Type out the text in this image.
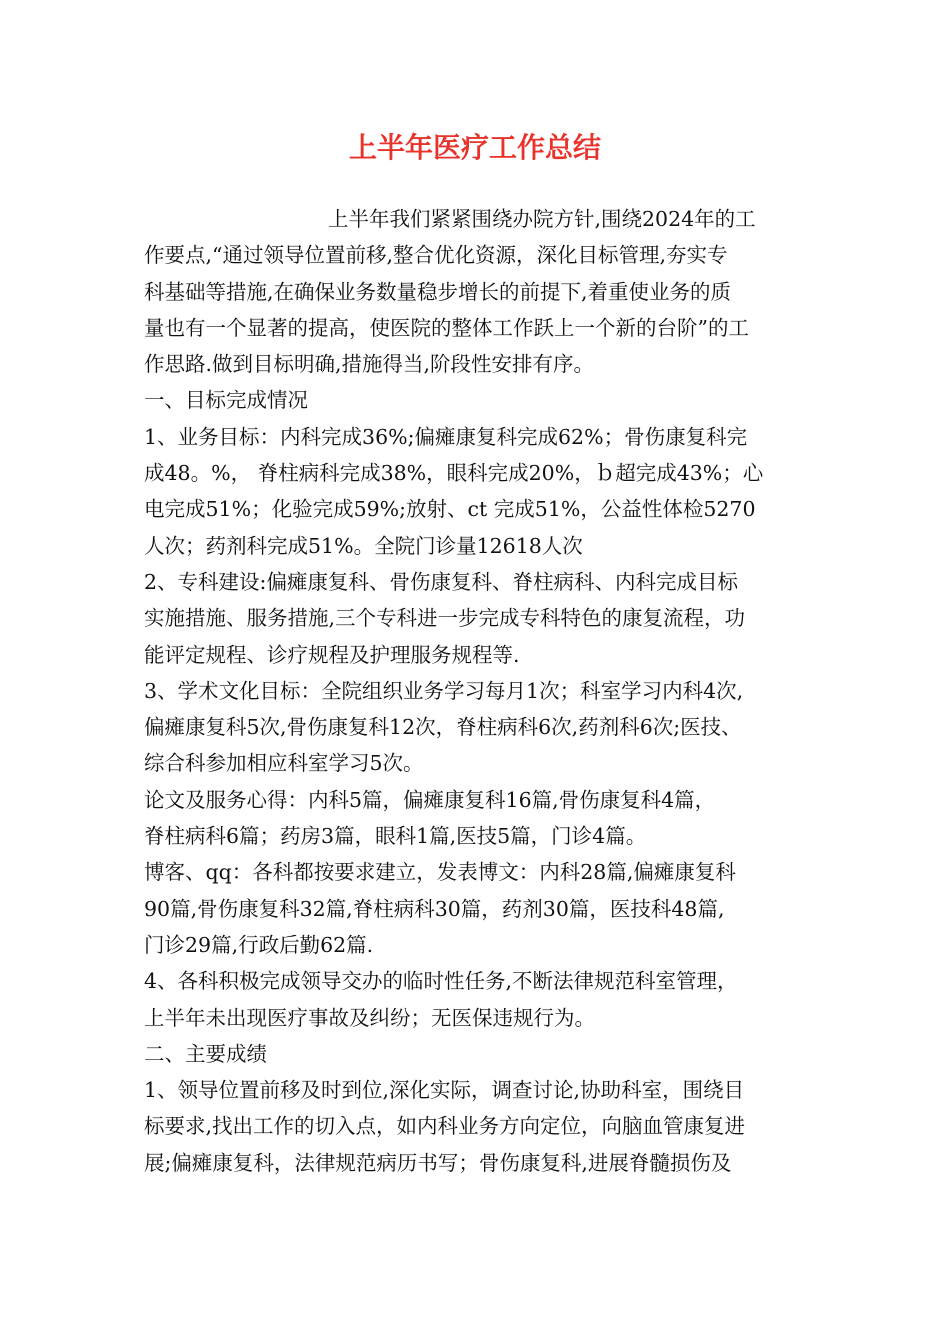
上半年医疗工作总结

上半年我们紧紧围绕办院方针,围绕2024年的工

作要点,“通过领导位置前移,整合优化资源，深化目标管理,夯实专

科基础等措施,在确保业务数量稳步增长的前提下,着重使业务的质

量也有一个显著的提高，使医院的整体工作跃上一个新的台阶”的工

作思路.做到目标明确,措施得当,阶段性安排有序。

一、目标完成情况

1、业务目标：内科完成36%;偏瘫康复科完成62%；骨伤康复科完

成48。%， 脊柱病科完成38%，眼科完成20%，ｂ超完成43%；心

电完成51%；化验完成59%;放射、ct 完成51%，公益性体检5270

人次；药剂科完成51%。全院门诊量12618人次

2、专科建设:偏瘫康复科、骨伤康复科、脊柱病科、内科完成目标

实施措施、服务措施,三个专科进一步完成专科特色的康复流程，功

能评定规程、诊疗规程及护理服务规程等.

3、学术文化目标：全院组织业务学习每月1次；科室学习内科4次,

偏瘫康复科5次,骨伤康复科12次，脊柱病科6次,药剂科6次;医技、

综合科参加相应科室学习5次。

论文及服务心得：内科5篇，偏瘫康复科16篇,骨伤康复科4篇，

脊柱病科6篇；药房3篇，眼科1篇,医技5篇，门诊4篇。

博客、qq：各科都按要求建立，发表博文：内科28篇,偏瘫康复科

90篇,骨伤康复科32篇,脊柱病科30篇，药剂30篇，医技科48篇,

门诊29篇,行政后勤62篇.

4、各科积极完成领导交办的临时性任务,不断法律规范科室管理，

上半年未出现医疗事故及纠纷；无医保违规行为。

二、主要成绩

1、领导位置前移及时到位,深化实际，调查讨论,协助科室，围绕目

标要求,找出工作的切入点，如内科业务方向定位，向脑血管康复进

展;偏瘫康复科，法律规范病历书写；骨伤康复科,进展脊髓损伤及
